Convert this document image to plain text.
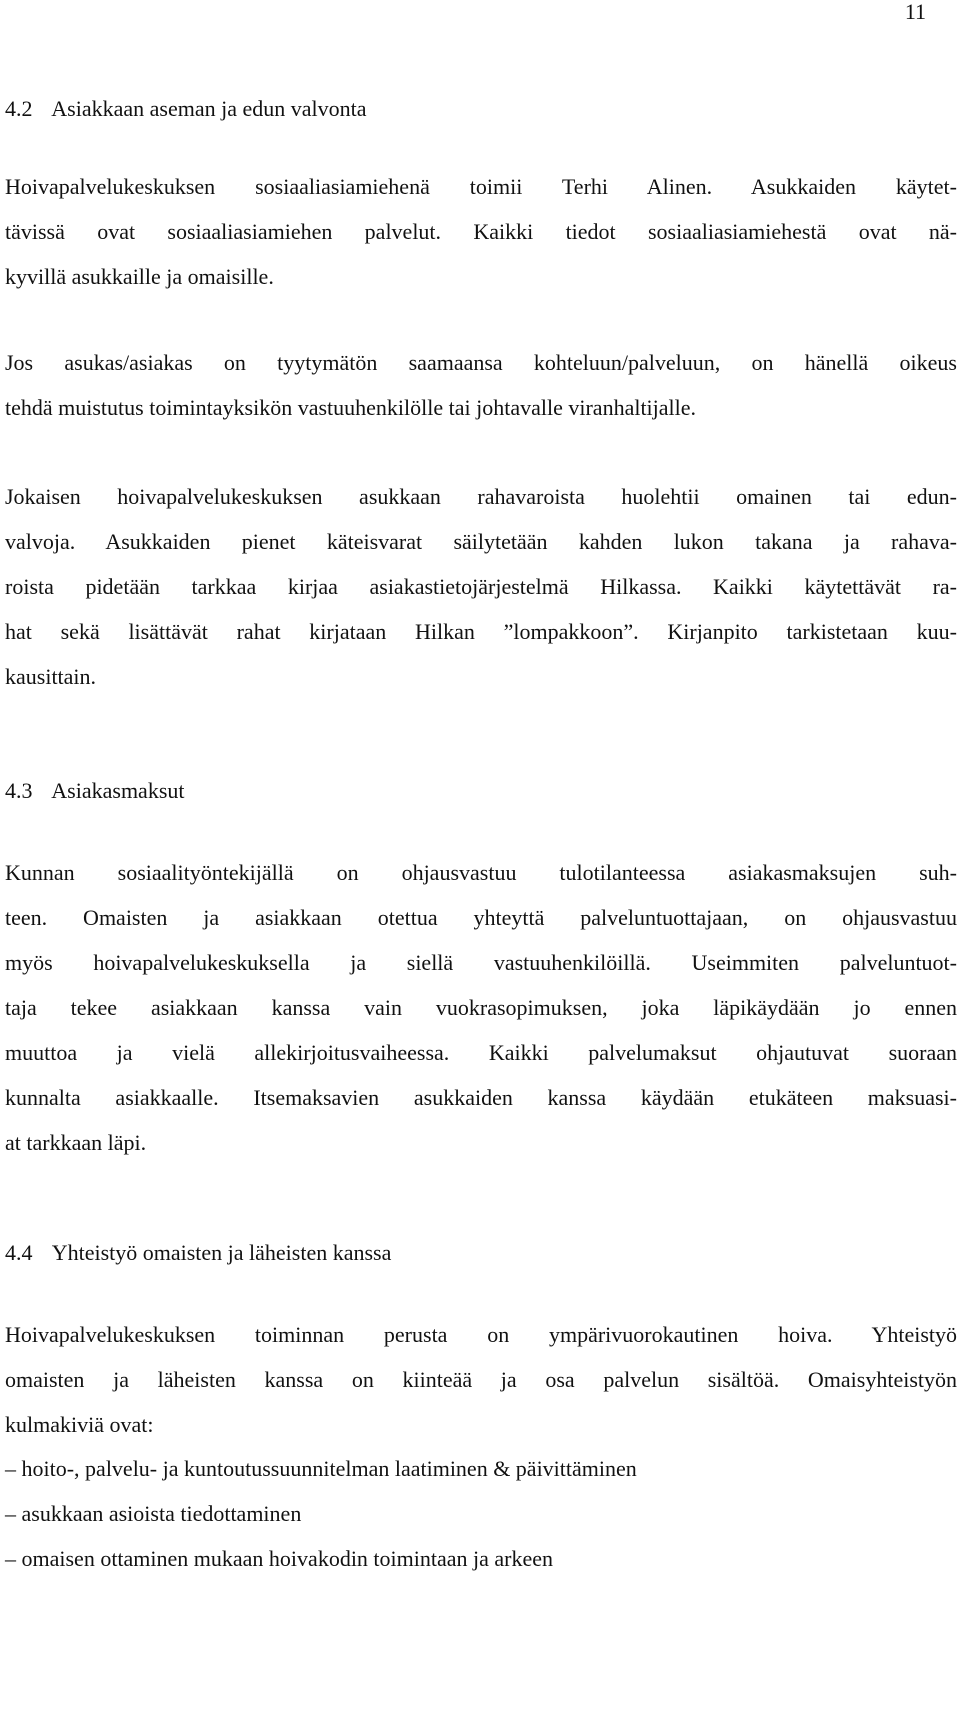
11
4.2 Asiakkaan aseman ja edun valvonta

Hoivapalvelukeskuksen sosiaaliasiamiehenä toimii Terhi Alinen. Asukkaiden käytet-
tävissä ovat sosiaaliasiamiehen palvelut. Kaikki tiedot sosiaaliasiamiehestä ovat nä-
kyvillä asukkaille ja omaisille.

Jos asukas/asiakas on tyytymätön saamaansa kohteluun/palveluun, on hänellä oikeus
tehdä muistutus toimintayksikön vastuuhenkilölle tai johtavalle viranhaltijalle.

Jokaisen hoivapalvelukeskuksen asukkaan rahavaroista huolehtii omainen tai edun-
valvoja. Asukkaiden pienet käteisvarat säilytetään kahden lukon takana ja rahava-
roista pidetään tarkkaa kirjaa asiakastietojärjestelmä Hilkassa. Kaikki käytettävät ra-
hat sekä lisättävät rahat kirjataan Hilkan ”lompakkoon”. Kirjanpito tarkistetaan kuu-
kausittain.

4.3 Asiakasmaksut

Kunnan sosiaalityöntekijällä on ohjausvastuu tulotilanteessa asiakasmaksujen suh-
teen. Omaisten ja asiakkaan otettua yhteyttä palveluntuottajaan, on ohjausvastuu
myös hoivapalvelukeskuksella ja siellä vastuuhenkilöillä. Useimmiten palveluntuot-
taja tekee asiakkaan kanssa vain vuokrasopimuksen, joka läpikäydään jo ennen
muuttoa ja vielä allekirjoitusvaiheessa. Kaikki palvelumaksut ohjautuvat suoraan
kunnalta asiakkaalle. Itsemaksavien asukkaiden kanssa käydään etukäteen maksuasi-
at tarkkaan läpi.

4.4 Yhteistyö omaisten ja läheisten kanssa

Hoivapalvelukeskuksen toiminnan perusta on ympärivuorokautinen hoiva. Yhteistyö
omaisten ja läheisten kanssa on kiinteää ja osa palvelun sisältöä. Omaisyhteistyön
kulmakiviä ovat:

– hoito-, palvelu- ja kuntoutussuunnitelman laatiminen & päivittäminen
– asukkaan asioista tiedottaminen
– omaisen ottaminen mukaan hoivakodin toimintaan ja arkeen
